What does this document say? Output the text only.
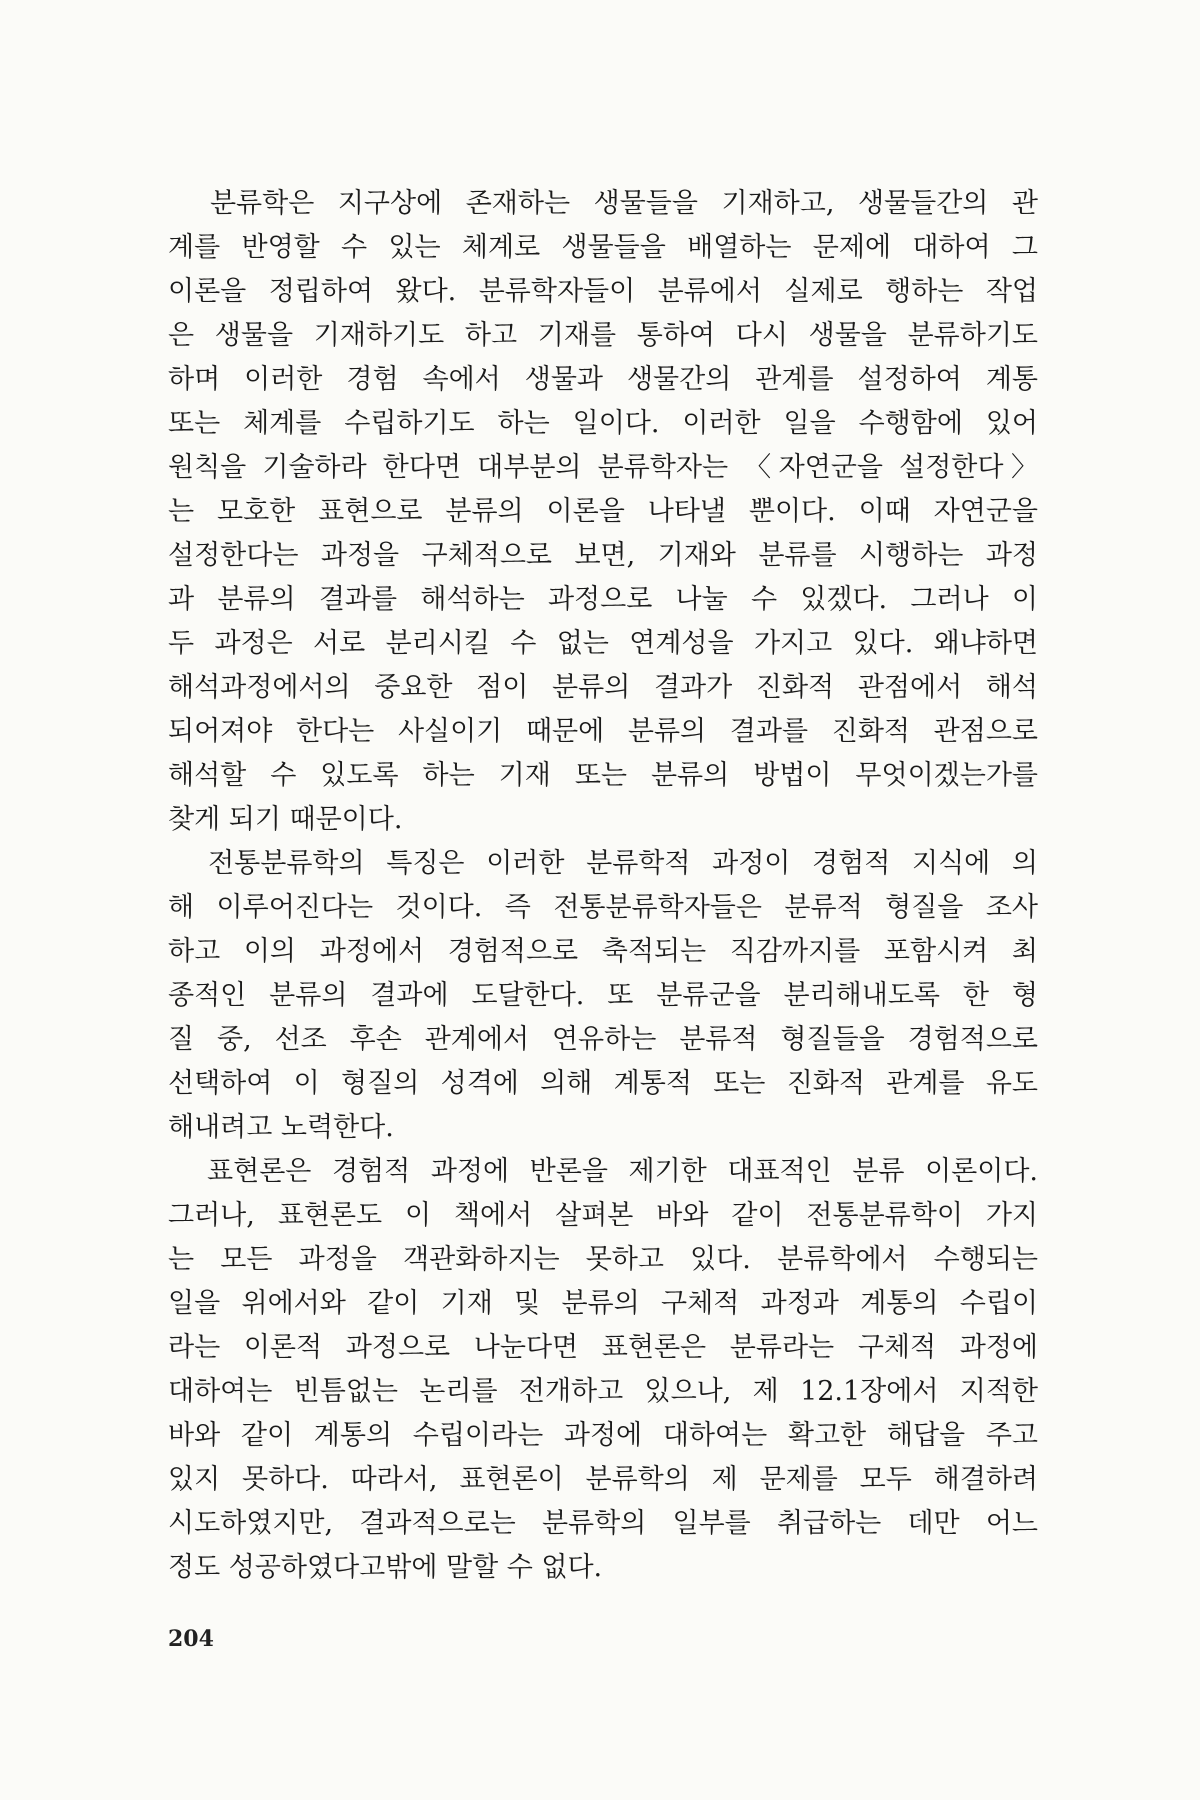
　분류학은 지구상에 존재하는 생물들을 기재하고, 생물들간의 관
계를 반영할 수 있는 체계로 생물들을 배열하는 문제에 대하여 그
이론을 정립하여 왔다. 분류학자들이 분류에서 실제로 행하는 작업
은 생물을 기재하기도 하고 기재를 통하여 다시 생물을 분류하기도
하며 이러한 경험 속에서 생물과 생물간의 관계를 설정하여 계통
또는 체계를 수립하기도 하는 일이다. 이러한 일을 수행함에 있어
원칙을 기술하라 한다면 대부분의 분류학자는 〈자연군을 설정한다〉
는 모호한 표현으로 분류의 이론을 나타낼 뿐이다. 이때 자연군을
설정한다는 과정을 구체적으로 보면, 기재와 분류를 시행하는 과정
과 분류의 결과를 해석하는 과정으로 나눌 수 있겠다. 그러나 이
두 과정은 서로 분리시킬 수 없는 연계성을 가지고 있다. 왜냐하면
해석과정에서의 중요한 점이 분류의 결과가 진화적 관점에서 해석
되어져야 한다는 사실이기 때문에 분류의 결과를 진화적 관점으로
해석할 수 있도록 하는 기재 또는 분류의 방법이 무엇이겠는가를
찾게 되기 때문이다.
　전통분류학의 특징은 이러한 분류학적 과정이 경험적 지식에 의
해 이루어진다는 것이다. 즉 전통분류학자들은 분류적 형질을 조사
하고 이의 과정에서 경험적으로 축적되는 직감까지를 포함시켜 최
종적인 분류의 결과에 도달한다. 또 분류군을 분리해내도록 한 형
질 중, 선조 후손 관계에서 연유하는 분류적 형질들을 경험적으로
선택하여 이 형질의 성격에 의해 계통적 또는 진화적 관계를 유도
해내려고 노력한다.
　표현론은 경험적 과정에 반론을 제기한 대표적인 분류 이론이다.
그러나, 표현론도 이 책에서 살펴본 바와 같이 전통분류학이 가지
는 모든 과정을 객관화하지는 못하고 있다. 분류학에서 수행되는
일을 위에서와 같이 기재 및 분류의 구체적 과정과 계통의 수립이
라는 이론적 과정으로 나눈다면 표현론은 분류라는 구체적 과정에
대하여는 빈틈없는 논리를 전개하고 있으나, 제 12.1장에서 지적한
바와 같이 계통의 수립이라는 과정에 대하여는 확고한 해답을 주고
있지 못하다. 따라서, 표현론이 분류학의 제 문제를 모두 해결하려
시도하였지만, 결과적으로는 분류학의 일부를 취급하는 데만 어느
정도 성공하였다고밖에 말할 수 없다.
204
